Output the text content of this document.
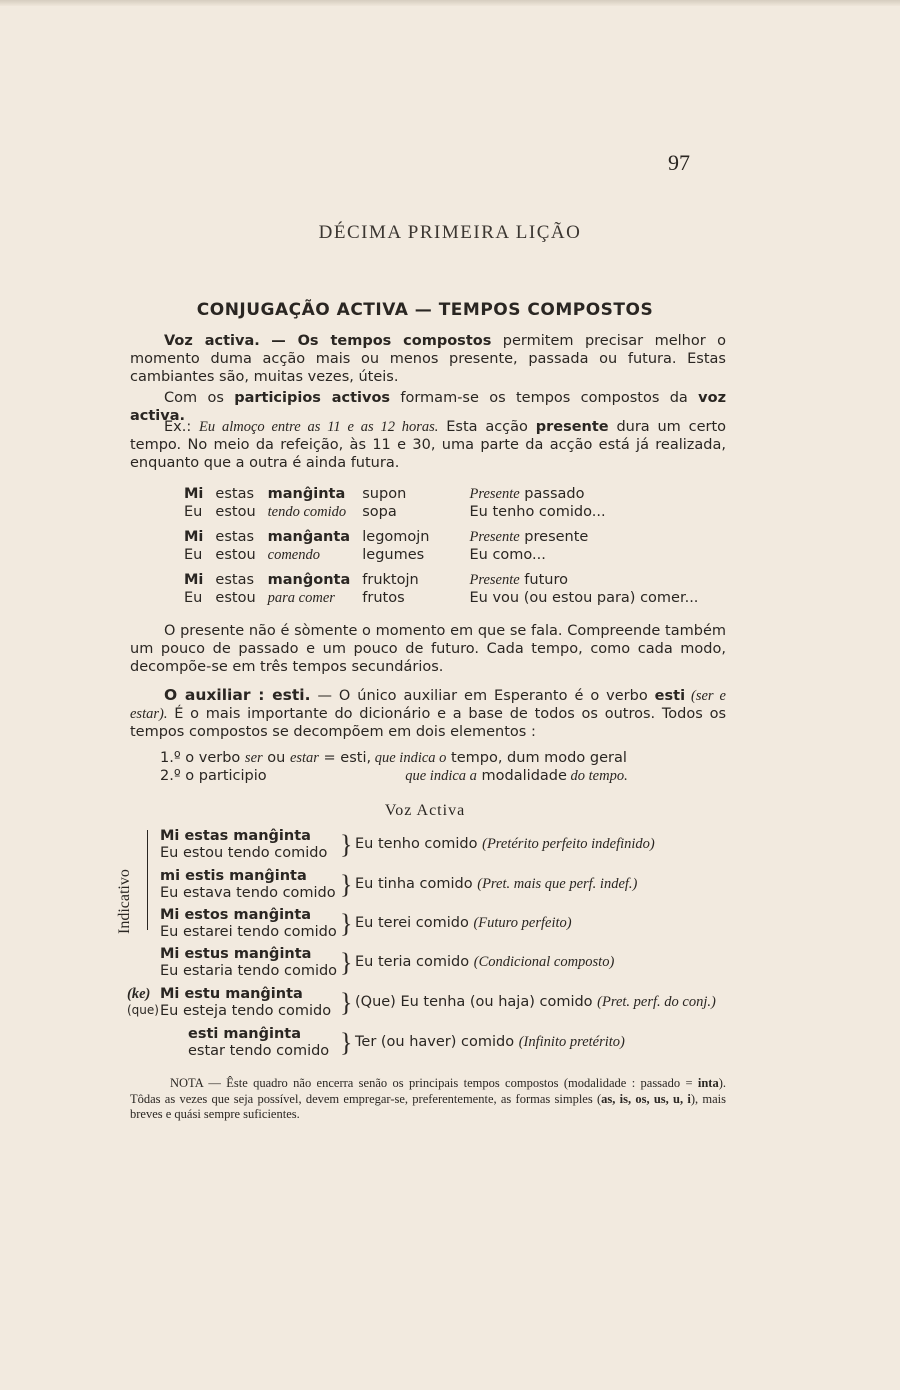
97
DÉCIMA PRIMEIRA LIÇÃO
CONJUGAÇÃO ACTIVA — TEMPOS COMPOSTOS
Voz activa. — Os tempos compostos permitem precisar melhor o momento duma acção mais ou menos presente, passada ou futura. Estas cambiantes são, muitas vezes, úteis.
Com os participios activos formam-se os tempos compostos da voz activa.
Ex.: Eu almoço entre as 11 e as 12 horas. Esta acção presente dura um certo tempo. No meio da refeição, às 11 e 30, uma parte da acção está já realizada, enquanto que a outra é ainda futura.
Mi	estas	manĝinta	supon	Presente passado
Eu	estou	tendo comido	sopa	Eu tenho comido...

Mi	estas	manĝanta	legomojn	Presente presente
Eu	estou	comendo	legumes	Eu como...

Mi	estas	manĝonta	fruktojn	Presente futuro
Eu	estou	para comer	frutos	Eu vou (ou estou para) comer...
O presente não é sòmente o momento em que se fala. Compreende também um pouco de passado e um pouco de futuro. Cada tempo, como cada modo, decompõe-se em três tempos secundários.
O auxiliar : esti. — O único auxiliar em Esperanto é o verbo esti (ser e estar). É o mais importante do dicionário e a base de todos os outros. Todos os tempos compostos se decompõem em dois elementos :
1.º o verbo ser ou estar = esti, que indica o tempo, dum modo geral
2.º o participio	que indica a modalidade do tempo.
Voz Activa
Indicativo
Mi estas manĝinta
Eu estou tendo comido } Eu tenho comido (Pretérito perfeito indefinido)
mi estis manĝinta
Eu estava tendo comido } Eu tinha comido (Pret. mais que perf. indef.)
Mi estos manĝinta
Eu estarei tendo comido } Eu terei comido (Futuro perfeito)
Mi estus manĝinta
Eu estaria tendo comido } Eu teria comido (Condicional composto)
(ke)
(que)
Mi estu manĝinta
Eu esteja tendo comido } (Que) Eu tenha (ou haja) comido (Pret. perf. do conj.)
esti manĝinta
estar tendo comido } Ter (ou haver) comido (Infinito pretérito)
NOTA — Êste quadro não encerra senão os principais tempos compostos (modalidade : passado = inta). Tôdas as vezes que seja possível, devem empregar-se, preferentemente, as formas simples (as, is, os, us, u, i), mais breves e quási sempre suficientes.
